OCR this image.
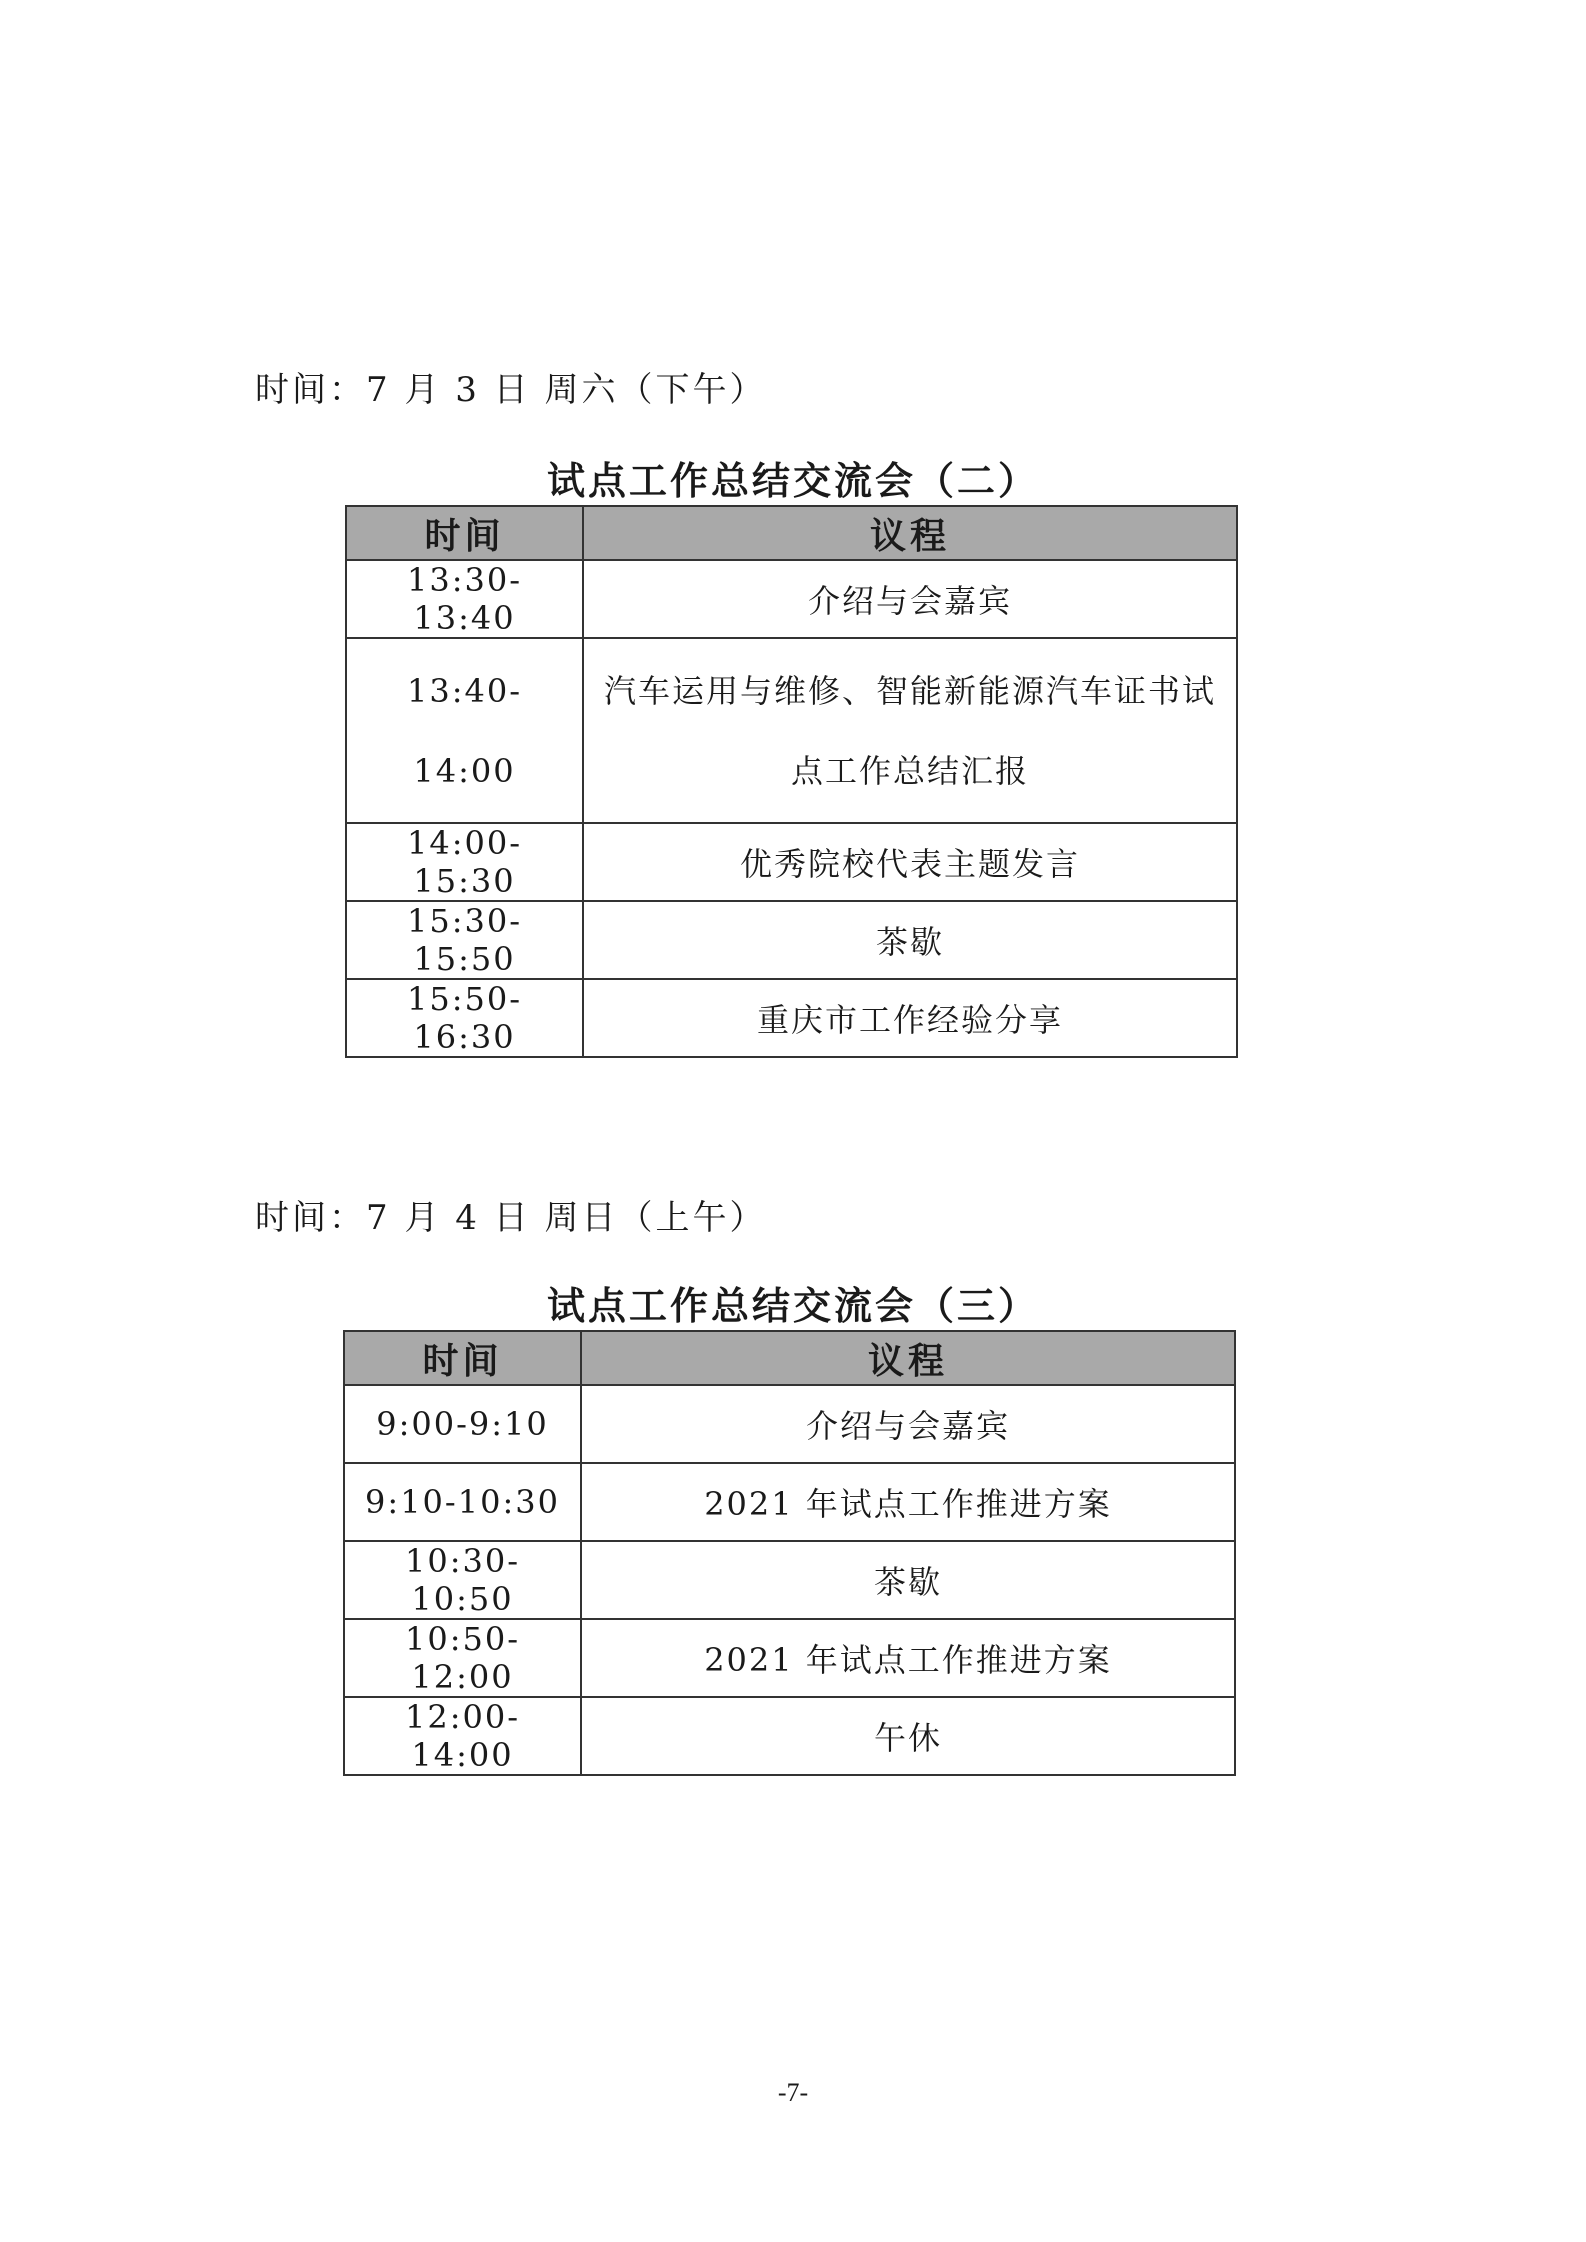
时间：7 月 3 日 周六（下午）
试点工作总结交流会（二）
时间	议程
13:30-13:40	介绍与会嘉宾
13:40-14:00	汽车运用与维修、智能新能源汽车证书试点工作总结汇报
14:00-15:30	优秀院校代表主题发言
15:30-15:50	茶歇
15:50-16:30	重庆市工作经验分享
时间：7 月 4 日 周日（上午）
试点工作总结交流会（三）
时间	议程
9:00-9:10	介绍与会嘉宾
9:10-10:30	2021 年试点工作推进方案
10:30-10:50	茶歇
10:50-12:00	2021 年试点工作推进方案
12:00-14:00	午休
-7-
